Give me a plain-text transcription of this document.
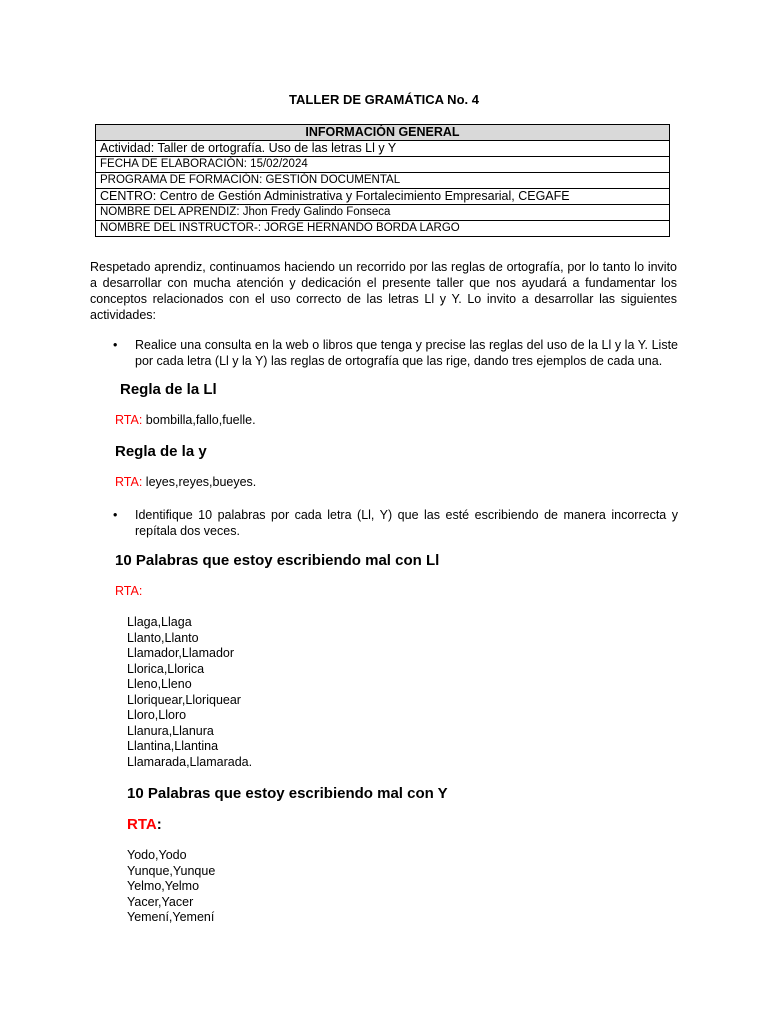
TALLER DE GRAMÁTICA No. 4
INFORMACIÓN GENERAL
Actividad: Taller de ortografía. Uso de las letras Ll y Y
FECHA DE ELABORACIÓN: 15/02/2024
PROGRAMA DE FORMACIÓN: GESTIÓN DOCUMENTAL
CENTRO: Centro de Gestión Administrativa y Fortalecimiento Empresarial, CEGAFE
NOMBRE DEL APRENDIZ: Jhon Fredy Galindo Fonseca
NOMBRE DEL INSTRUCTOR-: JORGE HERNANDO BORDA LARGO
Respetado aprendiz, continuamos haciendo un recorrido por las reglas de ortografía, por lo tanto lo invito a desarrollar con mucha atención y dedicación el presente taller que nos ayudará a fundamentar los conceptos relacionados con el uso correcto de las letras Ll y Y. Lo invito a desarrollar las siguientes actividades:
• Realice una consulta en la web o libros que tenga y precise las reglas del uso de la Ll y la Y. Liste por cada letra (Ll y la Y) las reglas de ortografía que las rige, dando tres ejemplos de cada una.
Regla de la Ll
RTA: bombilla,fallo,fuelle.
Regla de la y
RTA: leyes,reyes,bueyes.
• Identifique 10 palabras por cada letra (Ll, Y) que las esté escribiendo de manera incorrecta y repítala dos veces.
10 Palabras que estoy escribiendo mal con Ll
RTA:
Llaga,Llaga
Llanto,Llanto
Llamador,Llamador
Llorica,Llorica
Lleno,Lleno
Lloriquear,Lloriquear
Lloro,Lloro
Llanura,Llanura
Llantina,Llantina
Llamarada,Llamarada.
10 Palabras que estoy escribiendo mal con Y
RTA:
Yodo,Yodo
Yunque,Yunque
Yelmo,Yelmo
Yacer,Yacer
Yemení,Yemení
